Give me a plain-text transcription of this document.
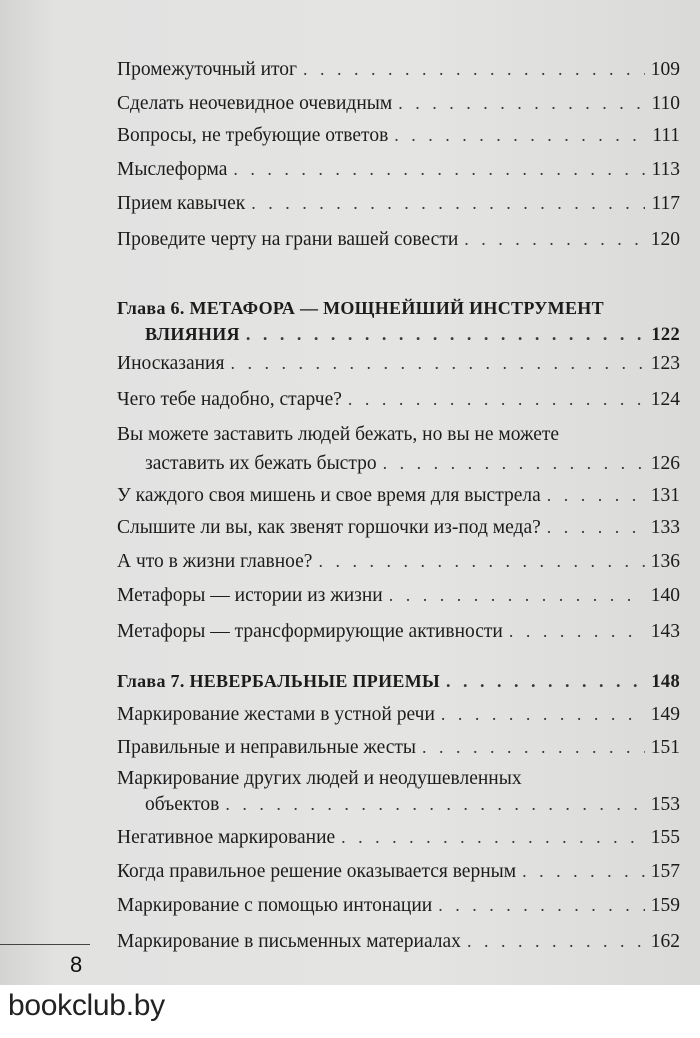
Промежуточный итог . . .	109
Сделать неочевидное очевидным . . .	110
Вопросы, не требующие ответов . . .	111
Мыслеформа . . .	113
Прием кавычек . . .	117
Проведите черту на грани вашей совести . . .	120
Глава 6. МЕТАФОРА — МОЩНЕЙШИЙ ИНСТРУМЕНТ
ВЛИЯНИЯ . . .	122
Иносказания . . .	123
Чего тебе надобно, старче? . . .	124
Вы можете заставить людей бежать, но вы не можете
заставить их бежать быстро . . .	126
У каждого своя мишень и свое время для выстрела . . .	131
Слышите ли вы, как звенят горшочки из-под меда? . . .	133
А что в жизни главное? . . .	136
Метафоры — истории из жизни . . .	140
Метафоры — трансформирующие активности . . .	143
Глава 7. НЕВЕРБАЛЬНЫЕ ПРИЕМЫ . . .	148
Маркирование жестами в устной речи . . .	149
Правильные и неправильные жесты . . .	151
Маркирование других людей и неодушевленных
объектов . . .	153
Негативное маркирование . . .	155
Когда правильное решение оказывается верным . . .	157
Маркирование с помощью интонации . . .	159
Маркирование в письменных материалах . . .	162
8
bookclub.by
